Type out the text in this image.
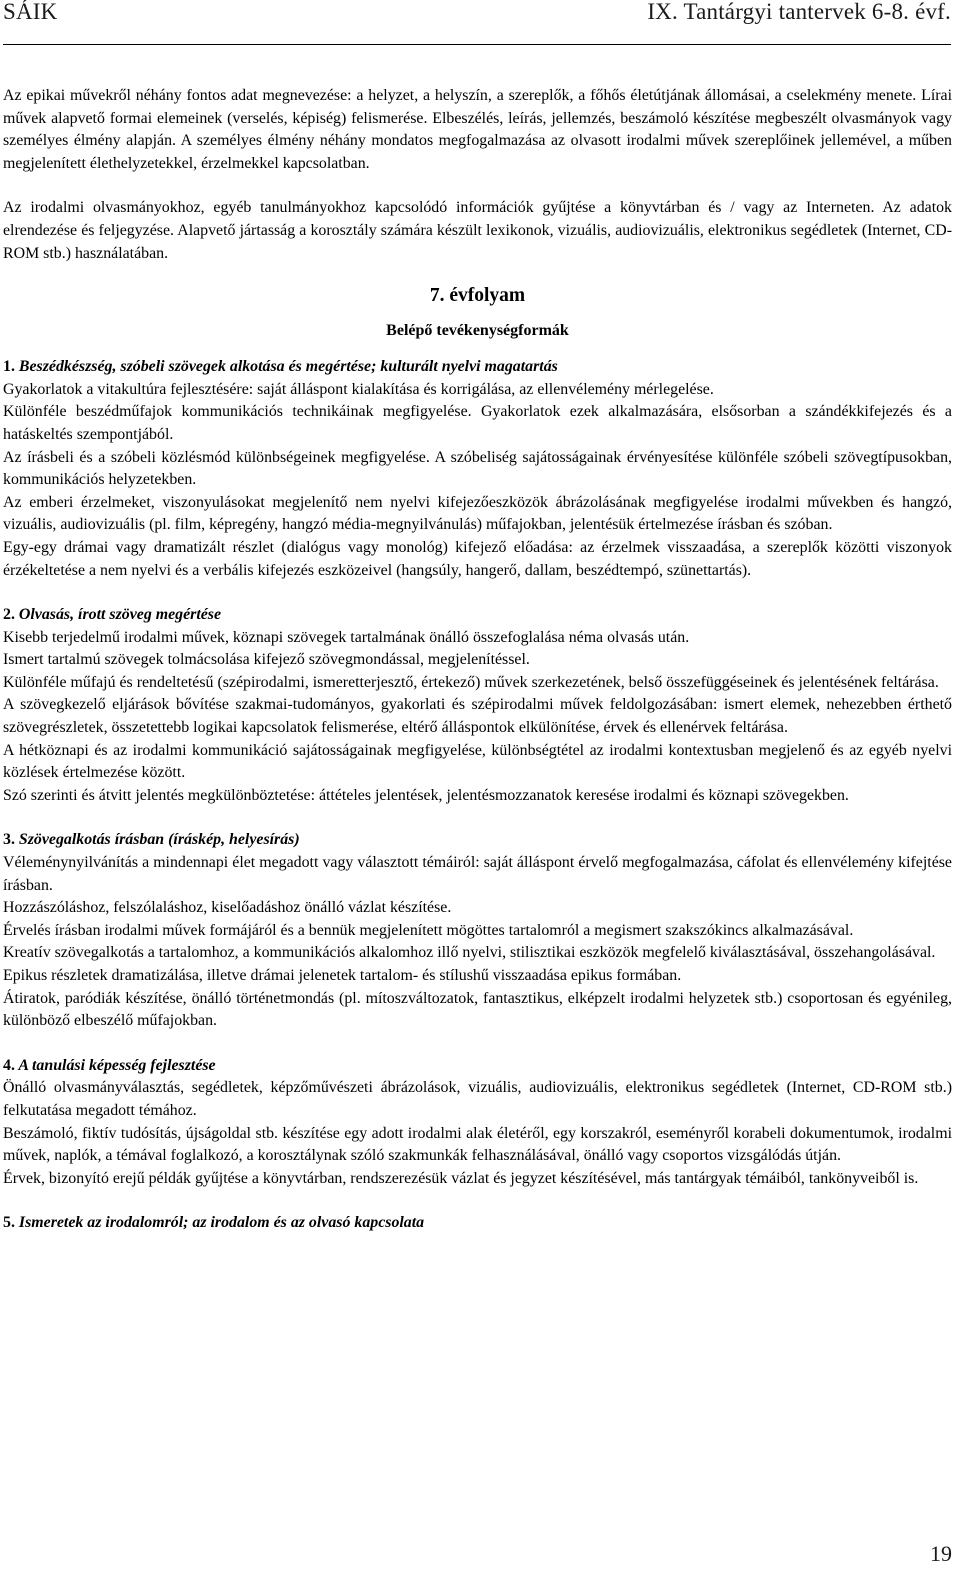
SÁIK	IX. Tantárgyi tantervek 6-8. évf.

Az epikai művekről néhány fontos adat megnevezése: a helyzet, a helyszín, a szereplők, a főhős életútjának állomásai, a cselekmény menete. Lírai művek alapvető formai elemeinek (verselés, képiség) felismerése. Elbeszélés, leírás, jellemzés, beszámoló készítése megbeszélt olvasmányok vagy személyes élmény alapján. A személyes élmény néhány mondatos megfogalmazása az olvasott irodalmi művek szereplőinek jellemével, a műben megjelenített élethelyzetekkel, érzelmekkel kapcsolatban.

Az irodalmi olvasmányokhoz, egyéb tanulmányokhoz kapcsolódó információk gyűjtése a könyvtárban és / vagy az Interneten. Az adatok elrendezése és feljegyzése. Alapvető jártasság a korosztály számára készült lexikonok, vizuális, audiovizuális, elektronikus segédletek (Internet, CD-ROM stb.) használatában.

7. évfolyam
Belépő tevékenységformák

1. Beszédkészség, szóbeli szövegek alkotása és megértése; kulturált nyelvi magatartás

Gyakorlatok a vitakultúra fejlesztésére: saját álláspont kialakítása és korrigálása, az ellenvélemény mérlegelése.

Különféle beszédműfajok kommunikációs technikáinak megfigyelése. Gyakorlatok ezek alkalmazására, elsősorban a szándékkifejezés és a hatáskeltés szempontjából.

Az írásbeli és a szóbeli közlésmód különbségeinek megfigyelése. A szóbeliség sajátosságainak érvényesítése különféle szóbeli szövegtípusokban, kommunikációs helyzetekben.

Az emberi érzelmeket, viszonyulásokat megjelenítő nem nyelvi kifejezőeszközök ábrázolásának megfigyelése irodalmi művekben és hangzó, vizuális, audiovizuális (pl. film, képregény, hangzó média-megnyilvánulás) műfajokban, jelentésük értelmezése írásban és szóban.

Egy-egy drámai vagy dramatizált részlet (dialógus vagy monológ) kifejező előadása: az érzelmek visszaadása, a szereplők közötti viszonyok érzékeltetése a nem nyelvi és a verbális kifejezés eszközeivel (hangsúly, hangerő, dallam, beszédtempó, szünettartás).

2. Olvasás, írott szöveg megértése

Kisebb terjedelmű irodalmi művek, köznapi szövegek tartalmának önálló összefoglalása néma olvasás után.

Ismert tartalmú szövegek tolmácsolása kifejező szövegmondással, megjelenítéssel.

Különféle műfajú és rendeltetésű (szépirodalmi, ismeretterjesztő, értekező) művek szerkezetének, belső összefüggéseinek és jelentésének feltárása.

A szövegkezelő eljárások bővítése szakmai-tudományos, gyakorlati és szépirodalmi művek feldolgozásában: ismert elemek, nehezebben érthető szövegrészletek, összetettebb logikai kapcsolatok felismerése, eltérő álláspontok elkülönítése, érvek és ellenérvek feltárása.

A hétköznapi és az irodalmi kommunikáció sajátosságainak megfigyelése, különbségtétel az irodalmi kontextusban megjelenő és az egyéb nyelvi közlések értelmezése között.

Szó szerinti és átvitt jelentés megkülönböztetése: áttételes jelentések, jelentésmozzanatok keresése irodalmi és köznapi szövegekben.

3. Szövegalkotás írásban (íráskép, helyesírás)

Véleménynyilvánítás a mindennapi élet megadott vagy választott témáiról: saját álláspont érvelő megfogalmazása, cáfolat és ellenvélemény kifejtése írásban.

Hozzászóláshoz, felszólaláshoz, kiselőadáshoz önálló vázlat készítése.

Érvelés írásban irodalmi művek formájáról és a bennük megjelenített mögöttes tartalomról a megismert szakszókincs alkalmazásával.

Kreatív szövegalkotás a tartalomhoz, a kommunikációs alkalomhoz illő nyelvi, stilisztikai eszközök megfelelő kiválasztásával, összehangolásával.

Epikus részletek dramatizálása, illetve drámai jelenetek tartalom- és stílushű visszaadása epikus formában.

Átiratok, paródiák készítése, önálló történetmondás (pl. mítoszváltozatok, fantasztikus, elképzelt irodalmi helyzetek stb.) csoportosan és egyénileg, különböző elbeszélő műfajokban.

4. A tanulási képesség fejlesztése

Önálló olvasmányválasztás, segédletek, képzőművészeti ábrázolások, vizuális, audiovizuális, elektronikus segédletek (Internet, CD-ROM stb.) felkutatása megadott témához.

Beszámoló, fiktív tudósítás, újságoldal stb. készítése egy adott irodalmi alak életéről, egy korszakról, eseményről korabeli dokumentumok, irodalmi művek, naplók, a témával foglalkozó, a korosztálynak szóló szakmunkák felhasználásával, önálló vagy csoportos vizsgálódás útján.

Érvek, bizonyító erejű példák gyűjtése a könyvtárban, rendszerezésük vázlat és jegyzet készítésével, más tantárgyak témáiból, tankönyveiből is.

5. Ismeretek az irodalomról; az irodalom és az olvasó kapcsolata

19
